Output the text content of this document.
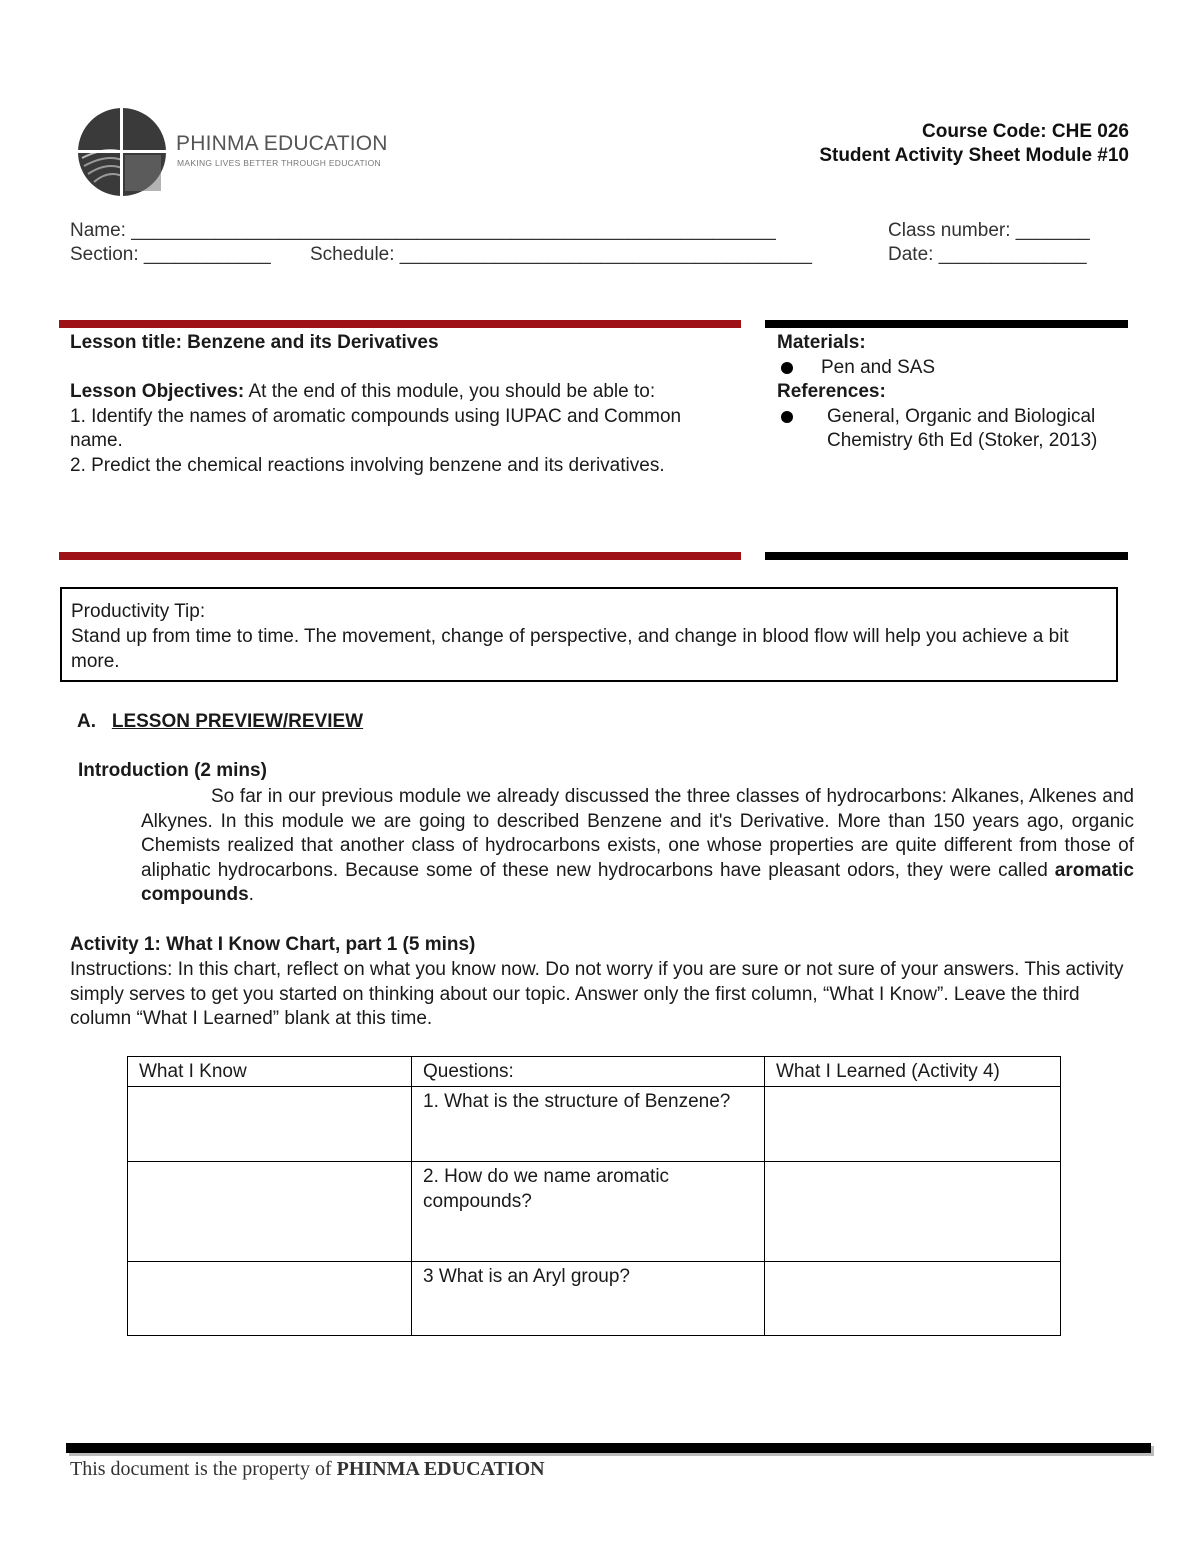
PHINMA EDUCATION
MAKING LIVES BETTER THROUGH EDUCATION
Course Code: CHE 026
Student Activity Sheet Module #10
Name: _____________________________________________________________	Class number: _______
Section: ____________ Schedule: _______________________________________	Date: ______________
Lesson title: Benzene and its Derivatives
Lesson Objectives: At the end of this module, you should be able to:
1. Identify the names of aromatic compounds using IUPAC and Common name.
2. Predict the chemical reactions involving benzene and its derivatives.
Materials:
Pen and SAS
References:
General, Organic and Biological Chemistry 6th Ed (Stoker, 2013)
Productivity Tip:
Stand up from time to time. The movement, change of perspective, and change in blood flow will help you achieve a bit more.
A. LESSON PREVIEW/REVIEW
Introduction (2 mins)
So far in our previous module we already discussed the three classes of hydrocarbons: Alkanes, Alkenes and Alkynes. In this module we are going to described Benzene and it's Derivative. More than 150 years ago, organic Chemists realized that another class of hydrocarbons exists, one whose properties are quite different from those of aliphatic hydrocarbons. Because some of these new hydrocarbons have pleasant odors, they were called aromatic compounds.
Activity 1: What I Know Chart, part 1 (5 mins)
Instructions: In this chart, reflect on what you know now. Do not worry if you are sure or not sure of your answers. This activity simply serves to get you started on thinking about our topic. Answer only the first column, “What I Know”. Leave the third column “What I Learned” blank at this time.
What I Know	Questions:	What I Learned (Activity 4)
	1. What is the structure of Benzene?	
	2. How do we name aromatic compounds?	
	3 What is an Aryl group?	
This document is the property of PHINMA EDUCATION
